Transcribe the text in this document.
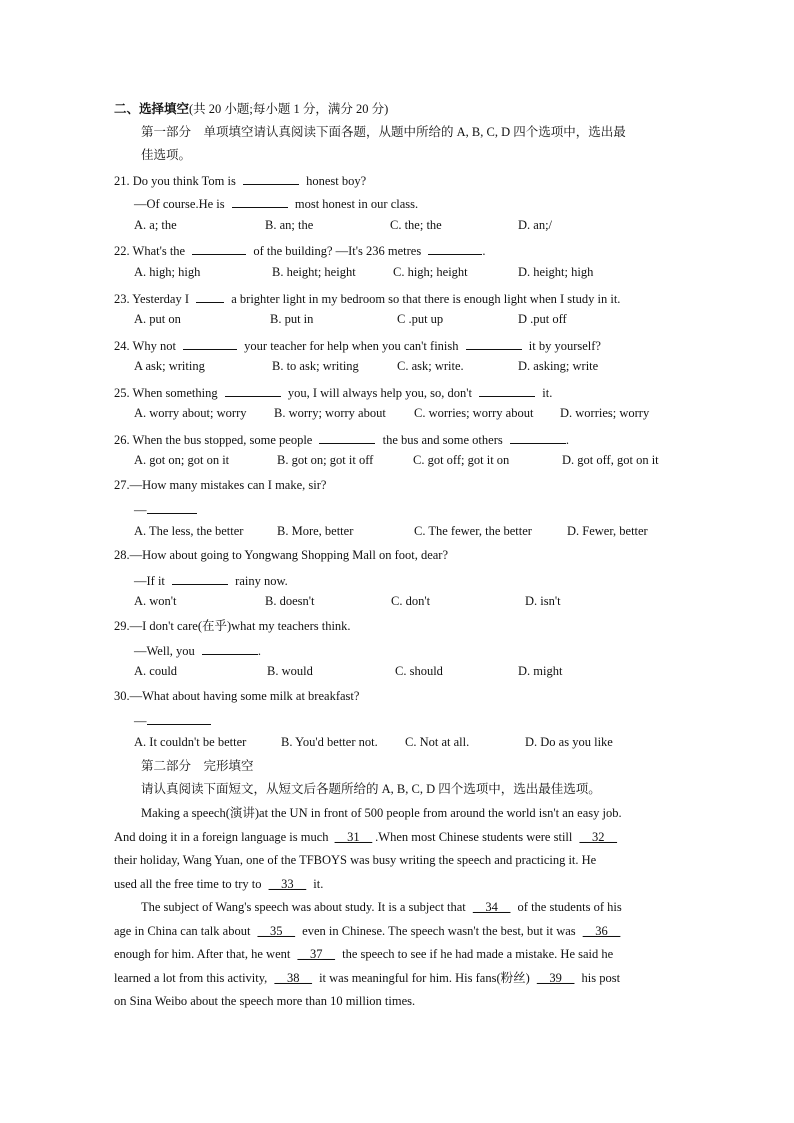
二、选择填空(共 20 小题;每小题 1 分，满分 20 分)
第一部分　单项填空请认真阅读下面各题，从题中所给的 A, B, C, D 四个选项中，选出最
佳选项。
21. Do you think Tom is	honest boy?
—Of course.He is	most honest in our class.
A. a; the	B. an; the	C. the; the	D. an;/
22. What's the	of the building? —It's 236 metres	.
A. high; high	B. height; height	C. high; height	D. height; high
23. Yesterday I	a brighter light in my bedroom so that there is enough light when I study in it.
A. put on	B. put in	C .put up	D .put off
24. Why not	your teacher for help when you can't finish	it by yourself?
A ask; writing	B. to ask; writing	C. ask; write.	D. asking; write
25. When something	you, I will always help you, so, don't	it.
A. worry about; worry B. worry; worry about C. worries; worry about D. worries; worry
26. When the bus stopped, some people	the bus and some others	.
A. got on; got on it	B. got on; got it off	C. got off; got it on	D. got off, got on it
27.—How many mistakes can I make, sir?
—
A. The less, the better	B. More, better	C. The fewer, the better	D. Fewer, better
28.—How about going to Yongwang Shopping Mall on foot, dear?
—If it	rainy now.
A. won't	B. doesn't	C. don't	D. isn't
29.—I don't care(在乎)what my teachers think.
—Well, you	.
A. could	B. would	C. should	D. might
30.—What about having some milk at breakfast?
—
A. It couldn't be better	B. You'd better not. C. Not at all.	D. Do as you like
第二部分　完形填空
请认真阅读下面短文，从短文后各题所给的 A, B, C, D 四个选项中，选出最佳选项。
Making a speech(演讲)at the UN in front of 500 people from around the world isn't an easy job.
And doing it in a foreign language is much __31__ .When most Chinese students were still __32__
their holiday, Wang Yuan, one of the TFBOYS was busy writing the speech and practicing it. He
used all the free time to try to __33__ it.
The subject of Wang's speech was about study. It is a subject that __34__ of the students of his
age in China can talk about __35__ even in Chinese. The speech wasn't the best, but it was __36__
enough for him. After that, he went __37__ the speech to see if he had made a mistake. He said he
learned a lot from this activity, __38__ it was meaningful for him. His fans(粉丝) __39__ his post
on Sina Weibo about the speech more than 10 million times.
